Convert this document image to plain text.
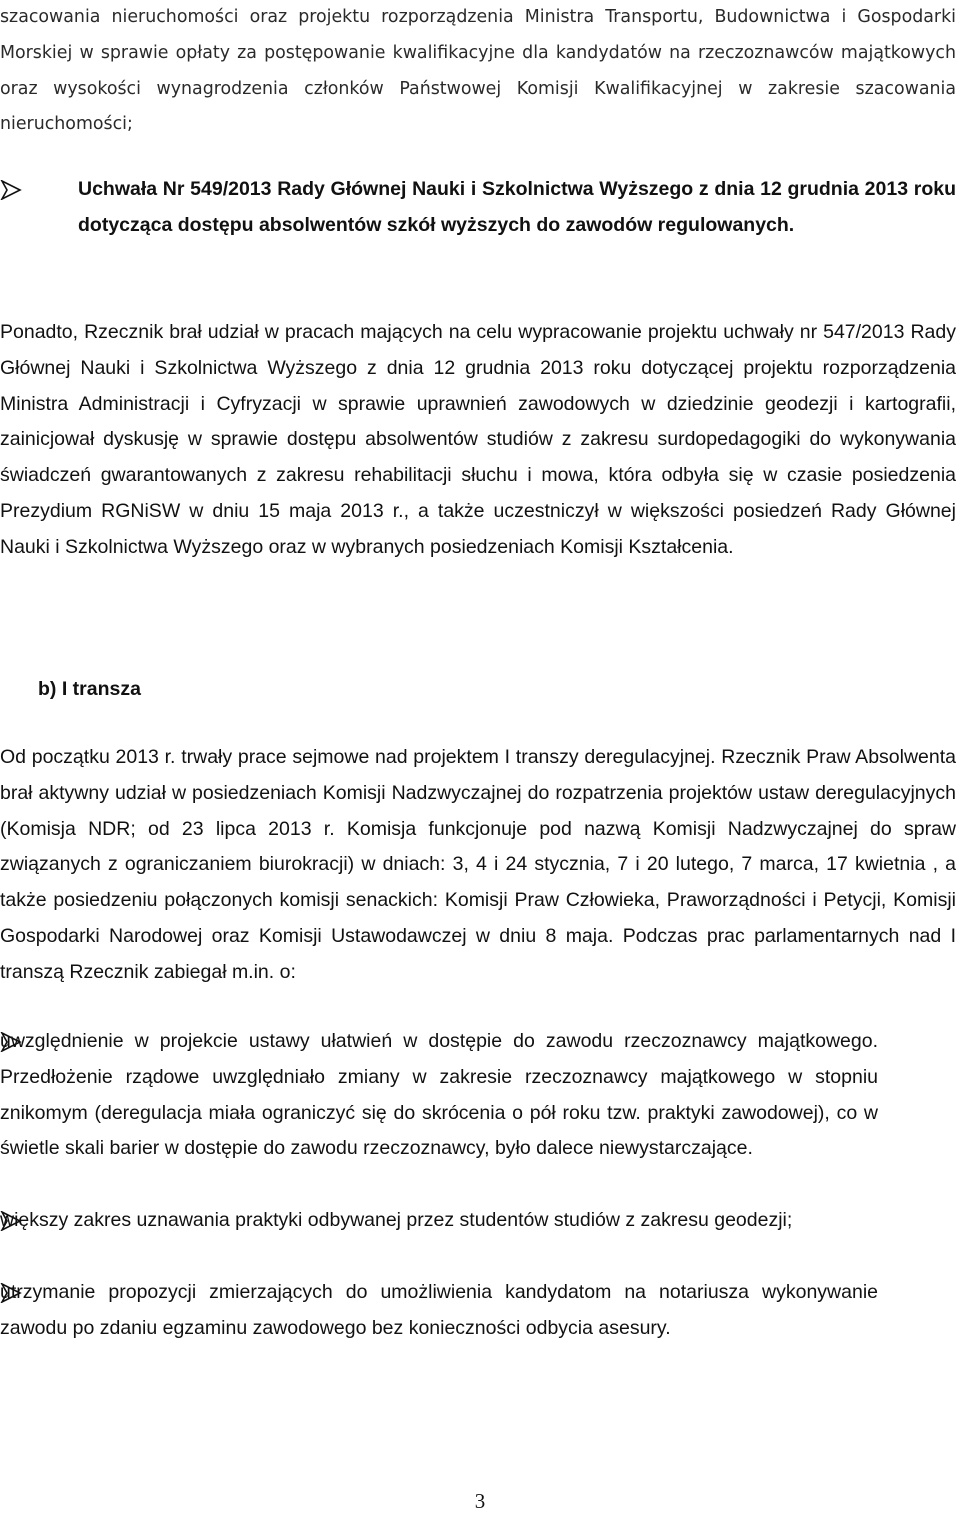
szacowania nieruchomości oraz projektu rozporządzenia Ministra Transportu, Budownictwa i Gospodarki Morskiej w sprawie opłaty za postępowanie kwalifikacyjne dla kandydatów na rzeczoznawców majątkowych oraz wysokości wynagrodzenia członków Państwowej Komisji Kwalifikacyjnej w zakresie szacowania nieruchomości;

Uchwała Nr 549/2013 Rady Głównej Nauki i Szkolnictwa Wyższego z dnia 12 grudnia 2013 roku dotycząca dostępu absolwentów szkół wyższych do zawodów regulowanych.

Ponadto, Rzecznik brał udział w pracach mających na celu wypracowanie projektu uchwały nr 547/2013 Rady Głównej Nauki i Szkolnictwa Wyższego z dnia 12 grudnia 2013 roku dotyczącej projektu rozporządzenia Ministra Administracji i Cyfryzacji w sprawie uprawnień zawodowych w dziedzinie geodezji i kartografii, zainicjował dyskusję w sprawie dostępu absolwentów studiów z zakresu surdopedagogiki do wykonywania świadczeń gwarantowanych z zakresu rehabilitacji słuchu i mowa, która odbyła się w czasie posiedzenia Prezydium RGNiSW w dniu 15 maja 2013 r., a także uczestniczył w większości posiedzeń Rady Głównej Nauki i Szkolnictwa Wyższego oraz w wybranych posiedzeniach Komisji Kształcenia.

b) I transza

Od początku 2013 r. trwały prace sejmowe nad projektem I transzy deregulacyjnej. Rzecznik Praw Absolwenta brał aktywny udział w posiedzeniach Komisji Nadzwyczajnej do rozpatrzenia projektów ustaw deregulacyjnych (Komisja NDR; od 23 lipca 2013 r. Komisja funkcjonuje pod nazwą Komisji Nadzwyczajnej do spraw związanych z ograniczaniem biurokracji) w dniach: 3, 4 i 24 stycznia, 7 i 20 lutego, 7 marca, 17 kwietnia , a także posiedzeniu połączonych komisji senackich: Komisji Praw Człowieka, Praworządności i Petycji, Komisji Gospodarki Narodowej oraz Komisji Ustawodawczej w dniu 8 maja. Podczas prac parlamentarnych nad I transzą Rzecznik zabiegał m.in. o:

uwzględnienie w projekcie ustawy ułatwień w dostępie do zawodu rzeczoznawcy majątkowego. Przedłożenie rządowe uwzględniało zmiany w zakresie rzeczoznawcy majątkowego w stopniu znikomym (deregulacja miała ograniczyć się do skrócenia o pół roku tzw. praktyki zawodowej), co w świetle skali barier w dostępie do zawodu rzeczoznawcy, było dalece niewystarczające.

większy zakres uznawania praktyki odbywanej przez studentów studiów z zakresu geodezji;

utrzymanie propozycji zmierzających do umożliwienia kandydatom na notariusza wykonywanie zawodu po zdaniu egzaminu zawodowego bez konieczności odbycia asesury.

3
